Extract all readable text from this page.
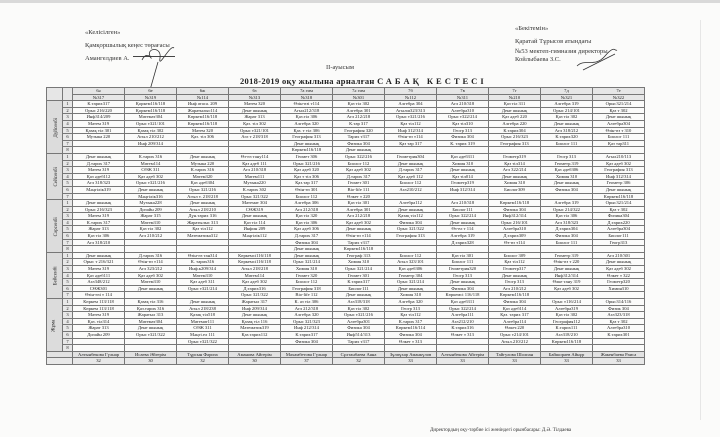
«Келісілген»
Қамқоршылық кеңес төрағасы
Амангелдиев А.
«Бекітемін»
Қаратай Тұрысов атындағы
№53 мектеп-гимназия директоры
Койлыбаева З.С.
II-ауысым
2018-2019 оқу жылына арналған САБАҚ КЕСТЕСІ
		6ә	6е	6ж	6з	7а гим	7ә гим	7б	7в	7г	7д	7е
		№317	№319	№114	№313	№318	№301	№112	№311	№210	№321	№322
Дүйсенбі	1	К.тарих317	Қоркем116/118	Инф атаса. 209	Матем 320	Өзін-өзі т114	Қаз тіл 302	Алгебра 304	Агл 210/318	Қаз тіл 311	Алгебра 319	Орыс321/214
	2	Орыс 216/220	Қоркем116/118	Жаратылыс114	Дене шынық	Агыл212/318	Алгебра 301	Агылш323/313	Алгебра310	Дене шынық	Орыс 214/101	Қаз т 302
	3	Инф314/209	Математ304	Көркем116/118	Жарат 313	Қаз.тіл 306	Агл 212/218	Орыс т321/216	Орыс т322/214	Қаз әдеб 220	Қаз тіл 302	Дене шынық
	4	Матем 319	Орыс т321/101	Көркем116/118	Қаз. тіл 302	Алгебра 320	К.тар 317	Қаз тіл112	Қаз тіл310	Алгебра 220	Дене шынық	Алгебра304
	5	Қазақ тіл 301	Қазақ тіл 302	Матем 320	Орыс т321/101	Қаз. т тіл 306	География 320	Инф 312/314	Геогр 313	К.тарих304	Агл 318/212	Өзін-өз т 310
	6	Музыка 220	Агыл 210/212	Қаз. тіл 306	Агл т 218/318	География 313	Тарих т317	Өзін-өз т114	Физика 304	Орыс 216/323	К.тарих320	Биолог 111
	7		Инф 209/314			Дене шынық	Физика 304	Қаз тар 317	К. тарих 319	География 313	Биолог 111	Қаз тар311
	8					Көркем116/118	Дене шынық					
Сейсенбі	1	Дене шынық	К.тарих 316	Дене шынық	Өз-өз тану114	Геомет 306	Орыс 322/216	Геометрия304	Қаз әдеб311	Геометр319	Геогр 313	Агыл210/113
	2	Д.тарих 317	Матем114	Музыка 220	Қаз әдеб 111	Орыс 321/216	Биолог 112	Дене шынық	Химия 310	Қаз тіл314	Геометр.319	Қаз әдеб 302
	3	Матем 319	СӨЖ 311	К.тарих 316	Агл 210/318	Қаз әдеб 320	Қаз әдеб 302	Д.тарих 317	Дене шынық	Агл 322/214	Қаз әдеб306	География 313
	4	Қаз әдеб112	Қаз әдеб 302	Матем320	Матем111	Қаз т тіл 306	Д.тарих 317	Қаз әдеб 112	Қаз тіл014	Дене шынық	Химия 310	Инф 312/314
	5	Агл 318/323	Орыс т321/216	Қаз әдеб304	Музыка220	Қаз.тар 317	Геомет 301	Биолог 112	Геометр319	Химия 310	Дене шынық	Геометр 306
	6	Мәңгілік319	Дене шынық	Орыс 321/216	К.тарих 302	Өзін-өз 301	Bio-life 111	Агл210/212	Инф 312/314	Биолог309	Физика 304	Дене шынық
	7		Мәңгілік316	Агыл т. 218/218	Орыс 321/322	Биолог 112	Өлкет т 220					Көркем116/118
Сәрсенбі	1	Дене шынық	Музыка228	Дене шынық	Математ 304	Алгебра 306	Қаз тіл 301	Алгебра112	Агл 210/318	Көркем116/118	Алгебра 319	Орыс321/214
	2	Орыс 216/323	Дизайн 209	Агыл 218/210	СӨЖ319	Агл 212/318	Алгебра 301	Дене шынық	Биолог111	Физика 304	Орыс 214/322	Қаз т 302
	3	Матем 319	Жарат 315	Дүн.тарих 316	Дене шынық	Қаз тіл 320	Агл 212/218	Қазақ тіл112	Орыс 322/214	Инф312/314	Қаз тіл 306	Физика304
	4	К.тарих 317	Матем310	Жаратылыс 313	Қаз тіл 114	Қаз тіл 306	Қаз әдеб 302	Физика 304	Дене шынық	Орыс 216/101	Агл 318/323	Д.тарих220
	5	Жарат 313	Қаз тіл 302	Қаз тіл112	Инфин 209	Қаз әдеб 306	Дене шынық	Орыс 321/322	Өз-ел т 114	Алгебра310	Д.тарих304	Алгебра304
	6	Қаз тіл 306	Агл 210/212	Математика312	Мәңгілік112	Д.тарих 317	Өзін-өз т114	География 313	Алгебра 319	Д.тарих309	Физика 304	Биолог111
	7	Агл 318/210				Физика 304	Тарих т317		Д.тарих328	Өз-өз т114	Биолог 111	Геогр313
	8					Дене шынық	Көркем116/118					
Бейсенбі	1	Дене шынық	Д.тарих 316	Өзін-өз тан314	Көркемсі116/118	Дене шынық	Географ 313	Биолог 112	Қаз тіл 301	Биолог 309	Геометр 319	Агл 210/301
	2	Орыс т 216/321	Өзін-өз т114	К. тарих316	Көркемсі116/118	Орыс 321/214	Химия 310	Агыл 323/101	Биолог 111	Қаз тіл112	Өзін-өз т 220	Дене шынық
	3	Матем 319	Агл 323/212	Инф.к209/314	Агыл 218/218	Химия 310	Орыс 321/214	Қаз әдеб306	Геометрия320	Геометр317	Дене шынық	Қаз әдеб 302
	4	Қаз әдеб111	Қаз әдеб 302	Матем310	Матем114	Геомет 320	Геомет 301	Геометр 304	Геогр 313	Дене шынық	Инф312/314	Өлкет т 322
	5	Агл348/212	Матем310	Қаз әдеб 311	Қаз әдеб 302	Биолог 112	К.тарих317	Орыс 321/214	Дене шынық	Геогр 313	Өлке тану 319	Геометр320
	6	СӨЖ301	Дене шынық	Орыс т321/214	Д.тарих316	География 318	Биолог111	Дене шынық	Физика 304	Агл 210/212	Қаз әдеб 302	Химия310
	7	Өзін-өзі т 114			Орыс 321/322	Bio-life 112	Дене шынық	Химия 310	Көркемсі 116/118	Көркем116/118		
Жұма	1	Көркем 113/118	Қазақ тіл 316	Дене шынық	Жаратыл 317	К. аз тіл 306	Агл318/318	Алгебра 320	Қаз әдеб311	Физика 304	Орыс т116/214	Орыс314/116
	2	Көркем 113/118	Қаз.тарих 316	Агыл 218/238	Инф 209/314	Агл 212/318	Қаз тіл 302	Геогр 313	Орыс 322/214	Қаз әдеб114	Алгебра319	Физик 304
	3	Матем 319	Жаратыл 313	Қазақ тіл518	Дене шынық	Алгебра 320	Орыс т321/216	Қаз тіл112	Алгебра111	Қаз. тарих 317	Қаз тіл 302	Агл323/318
	4	Қаз. тіл314	Математ304	Математ111	Қазақ тіл 116	Орыс 321/323	Алгебра301	К.тарих 317	Агл212/210	Алгебра114	География112	Қаз т 302
	5	Жарат 313	Дене шынық	СӨЖ 311	Математик319	Инф 212/314	Физика 304	Көркем116/114	К.тарих316	Өлкет.220	К.тарих111	Алгебра310
	6	Дизайн 209	Орыс т321/322	Мәңгі.ел 111	Қаз.тарих112	К.тарих317	Инф514/313	Физика 304	Өлкет т 313	Орыс т214/101	Агл318/210	К.тарих301
	7			Орыс т321/322		Физика 304	Тарих т317	Өлкет т 313		Агыл.210/212	Көркем116/118	
	8											
		Алтынбекова Гүлнар	Исаева Әйгерім	Тұрсын Фариза	Аманова Айгерім	Махамбетова Гүлнар	Сұлтанбаева Аяна	Зұлпұхар Аманкүлов	Алтынбекова Айгерім	Тайгулова Шолпан	Байшораев Айнұр	Жакенбаева Раиса
		32	30	32	30	37	32	33	33	33	33	33
Директордың оқу-тәрбие ісі жөніндегі орынбасары: Д.Ә. Тілдаева
